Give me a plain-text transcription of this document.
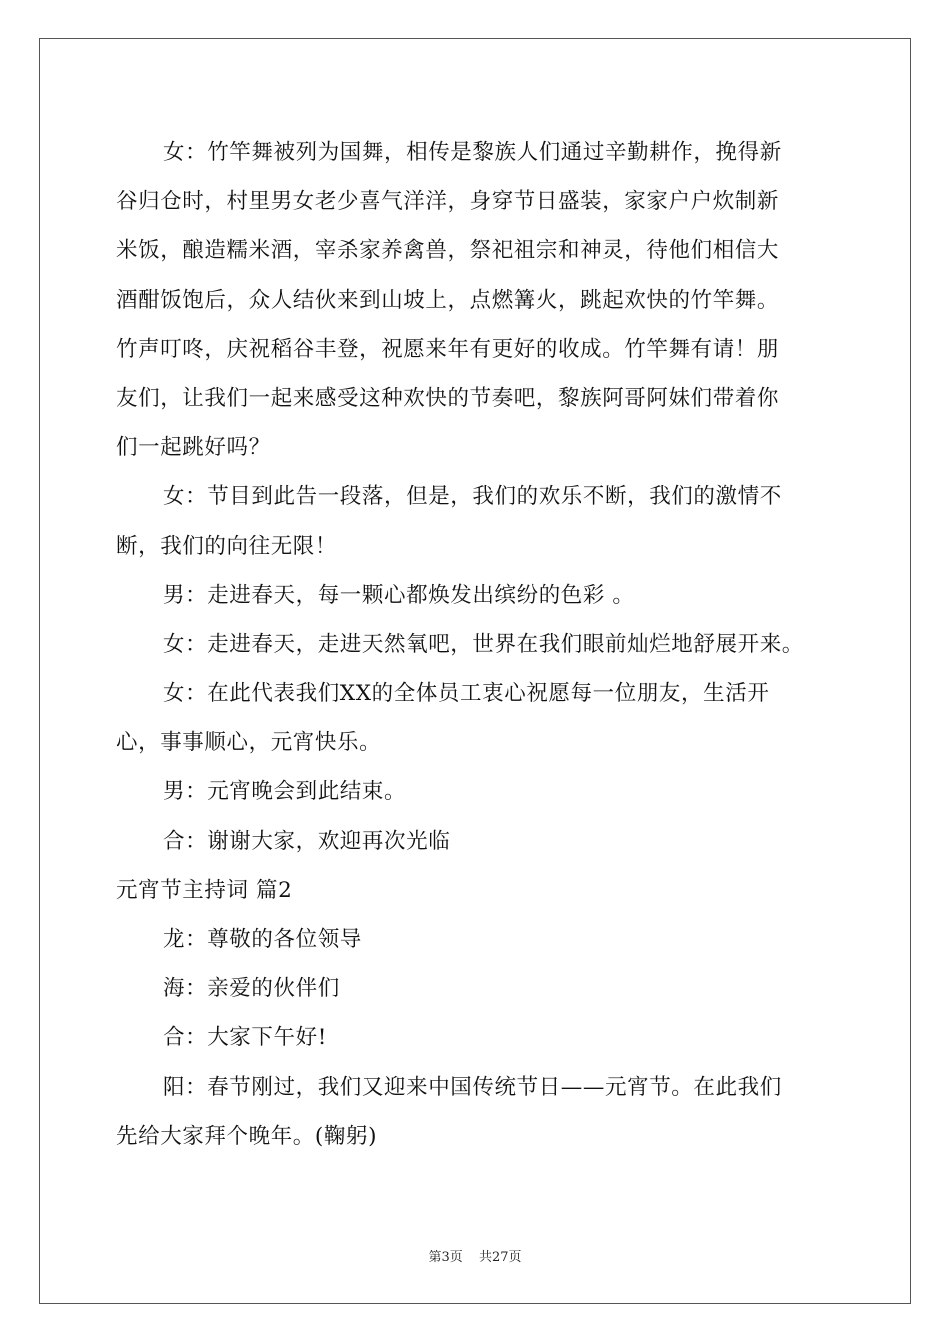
女：竹竿舞被列为国舞，相传是黎族人们通过辛勤耕作，挽得新
谷归仓时，村里男女老少喜气洋洋，身穿节日盛装，家家户户炊制新
米饭，酿造糯米酒，宰杀家养禽兽，祭祀祖宗和神灵，待他们相信大
酒酣饭饱后，众人结伙来到山坡上，点燃篝火，跳起欢快的竹竿舞。
竹声叮咚，庆祝稻谷丰登，祝愿来年有更好的收成。竹竿舞有请！朋
友们，让我们一起来感受这种欢快的节奏吧，黎族阿哥阿妹们带着你
们一起跳好吗？
女：节目到此告一段落，但是，我们的欢乐不断，我们的激情不
断，我们的向往无限！
男：走进春天，每一颗心都焕发出缤纷的色彩 。
女：走进春天，走进天然氧吧，世界在我们眼前灿烂地舒展开来。
女：在此代表我们XX的全体员工衷心祝愿每一位朋友，生活开
心，事事顺心，元宵快乐。
男：元宵晚会到此结束。
合：谢谢大家，欢迎再次光临
元宵节主持词 篇2
龙：尊敬的各位领导
海：亲爱的伙伴们
合：大家下午好!
阳：春节刚过，我们又迎来中国传统节日——元宵节。在此我们
先给大家拜个晚年。(鞠躬)
第3页 共27页
